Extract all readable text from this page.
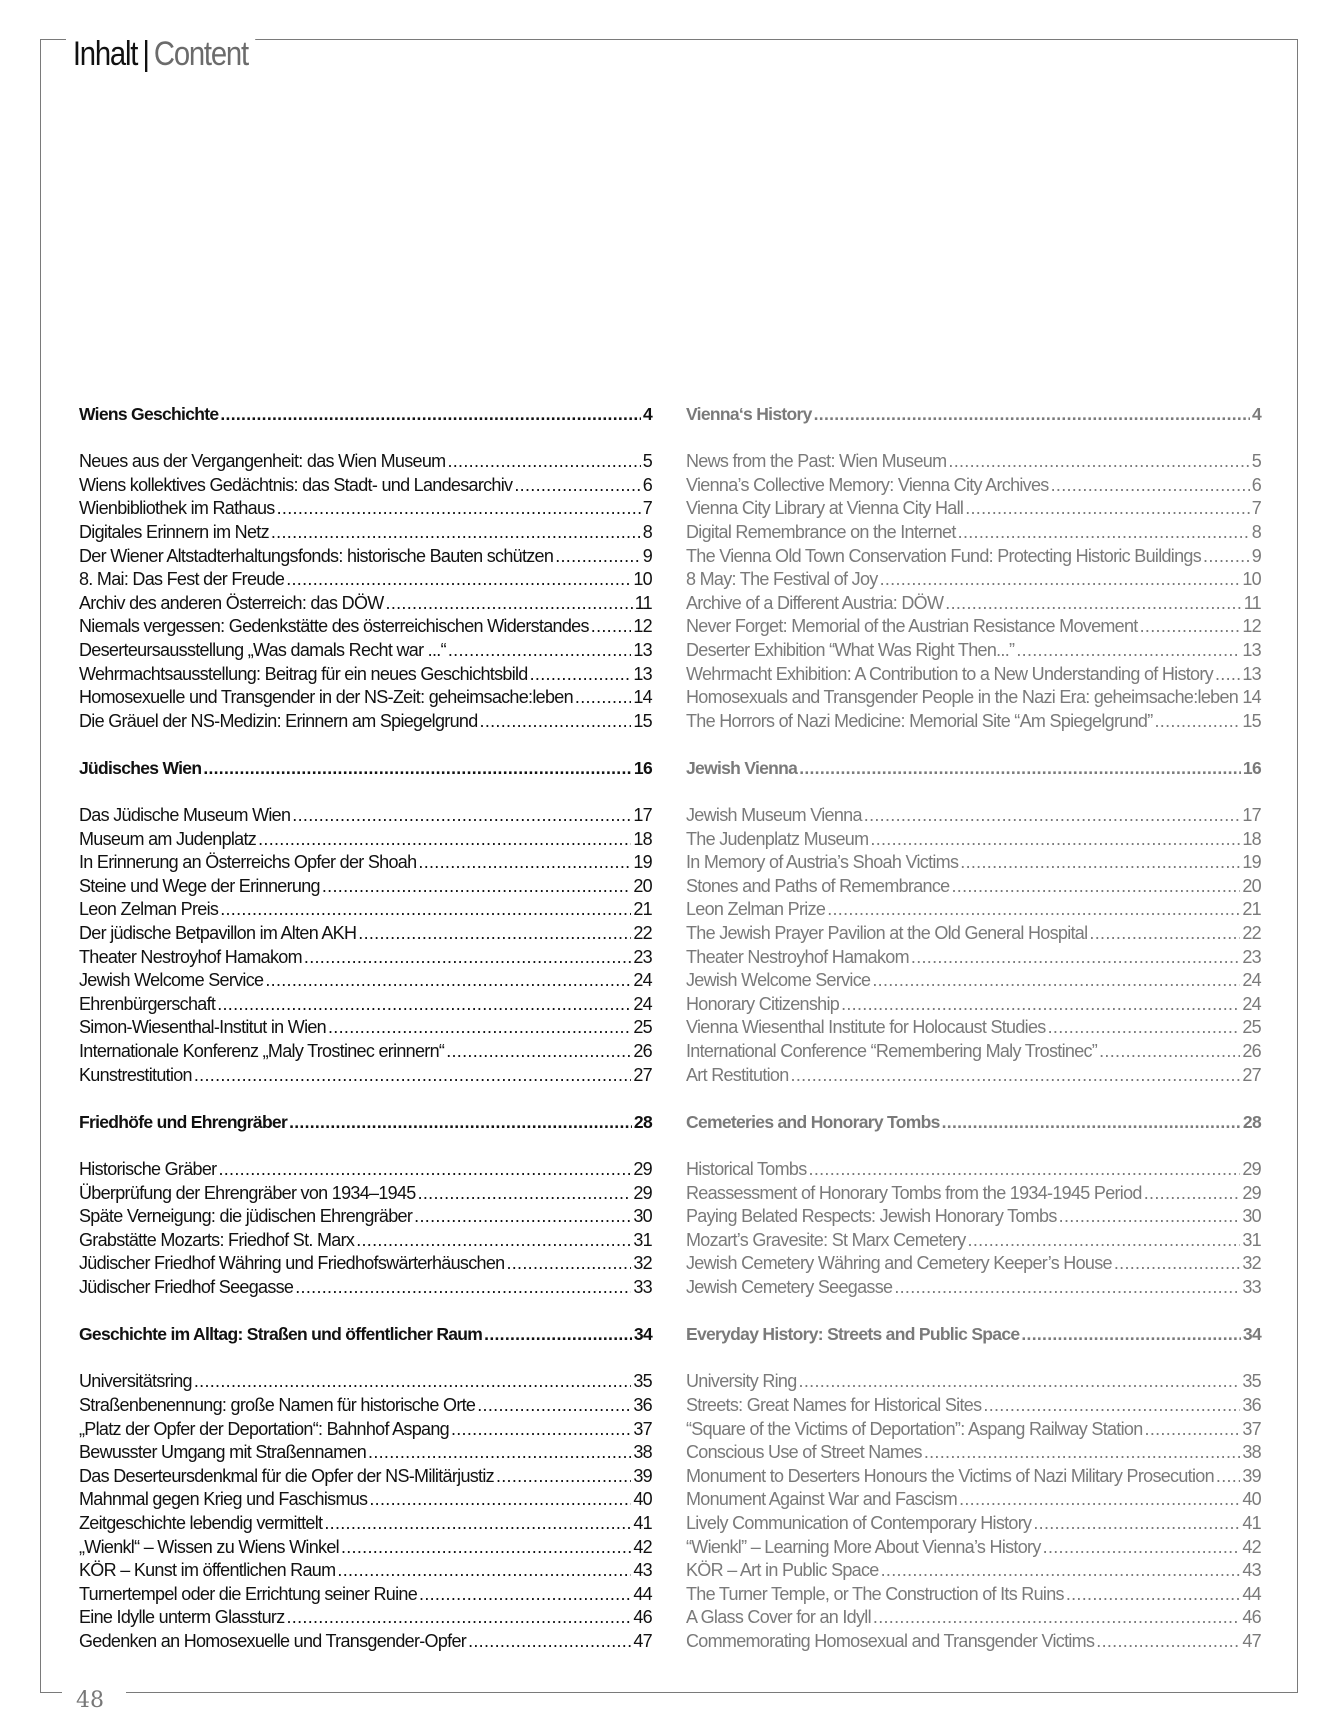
Inhalt | Content
Wiens Geschichte .....	4
Neues aus der Vergangenheit: das Wien Museum .....	5
Wiens kollektives Gedächtnis: das Stadt- und Landesarchiv .....	6
Wienbibliothek im Rathaus .....	7
Digitales Erinnern im Netz .....	8
Der Wiener Altstadterhaltungsfonds: historische Bauten schützen .....	9
8. Mai: Das Fest der Freude .....	10
Archiv des anderen Österreich: das DÖW .....	11
Niemals vergessen: Gedenkstätte des österreichischen Widerstandes ..... 12
Deserteursausstellung „Was damals Recht war ...“ .....	13
Wehrmachtsausstellung: Beitrag für ein neues Geschichtsbild .....	13
Homosexuelle und Transgender in der NS-Zeit: geheimsache:leben .....	14
Die Gräuel der NS-Medizin: Erinnern am Spiegelgrund .....	15
Jüdisches Wien .....	16
Das Jüdische Museum Wien .....	17
Museum am Judenplatz .....	18
In Erinnerung an Österreichs Opfer der Shoah .....	19
Steine und Wege der Erinnerung .....	20
Leon Zelman Preis .....	21
Der jüdische Betpavillon im Alten AKH .....	22
Theater Nestroyhof Hamakom .....	23
Jewish Welcome Service .....	24
Ehrenbürgerschaft .....	24
Simon-Wiesenthal-Institut in Wien .....	25
Internationale Konferenz „Maly Trostinec erinnern“ .....	26
Kunstrestitution .....	27
Friedhöfe und Ehrengräber .....	28
Historische Gräber .....	29
Überprüfung der Ehrengräber von 1934–1945 .....	29
Späte Verneigung: die jüdischen Ehrengräber .....	30
Grabstätte Mozarts: Friedhof St. Marx .....	31
Jüdischer Friedhof Währing und Friedhofswärterhäuschen .....	32
Jüdischer Friedhof Seegasse .....	33
Geschichte im Alltag: Straßen und öffentlicher Raum .....	34
Universitätsring .....	35
Straßenbenennung: große Namen für historische Orte .....	36
„Platz der Opfer der Deportation“: Bahnhof Aspang .....	37
Bewusster Umgang mit Straßennamen .....	38
Das Deserteursdenkmal für die Opfer der NS-Militärjustiz .....	39
Mahnmal gegen Krieg und Faschismus .....	40
Zeitgeschichte lebendig vermittelt .....	41
„Wienkl“ – Wissen zu Wiens Winkel .....	42
KÖR – Kunst im öffentlichen Raum .....	43
Turnertempel oder die Errichtung seiner Ruine .....	44
Eine Idylle unterm Glassturz .....	46
Gedenken an Homosexuelle und Transgender-Opfer .....	47
Vienna‘s History .....	4
News from the Past: Wien Museum .....	5
Vienna’s Collective Memory: Vienna City Archives .....	6
Vienna City Library at Vienna City Hall .....	7
Digital Remembrance on the Internet .....	8
The Vienna Old Town Conservation Fund: Protecting Historic Buildings .....	9
8 May: The Festival of Joy .....	10
Archive of a Different Austria: DÖW .....	11
Never Forget: Memorial of the Austrian Resistance Movement .....	12
Deserter Exhibition “What Was Right Then...” .....	13
Wehrmacht Exhibition: A Contribution to a New Understanding of History ..... 13
Homosexuals and Transgender People in the Nazi Era: geheimsache:leben ..... 14
The Horrors of Nazi Medicine: Memorial Site “Am Spiegelgrund” .....	15
Jewish Vienna .....	16
Jewish Museum Vienna .....	17
The Judenplatz Museum .....	18
In Memory of Austria’s Shoah Victims .....	19
Stones and Paths of Remembrance .....	20
Leon Zelman Prize .....	21
The Jewish Prayer Pavilion at the Old General Hospital .....	22
Theater Nestroyhof Hamakom .....	23
Jewish Welcome Service .....	24
Honorary Citizenship .....	24
Vienna Wiesenthal Institute for Holocaust Studies .....	25
International Conference “Remembering Maly Trostinec” .....	26
Art Restitution .....	27
Cemeteries and Honorary Tombs .....	28
Historical Tombs .....	29
Reassessment of Honorary Tombs from the 1934-1945 Period .....	29
Paying Belated Respects: Jewish Honorary Tombs .....	30
Mozart’s Gravesite: St Marx Cemetery .....	31
Jewish Cemetery Währing and Cemetery Keeper’s House .....	32
Jewish Cemetery Seegasse .....	33
Everyday History: Streets and Public Space .....	34
University Ring .....	35
Streets: Great Names for Historical Sites .....	36
“Square of the Victims of Deportation”: Aspang Railway Station .....	37
Conscious Use of Street Names .....	38
Monument to Deserters Honours the Victims of Nazi Military Prosecution ..... 39
Monument Against War and Fascism .....	40
Lively Communication of Contemporary History .....	41
“Wienkl” – Learning More About Vienna’s History .....	42
KÖR – Art in Public Space .....	43
The Turner Temple, or The Construction of Its Ruins .....	44
A Glass Cover for an Idyll .....	46
Commemorating Homosexual and Transgender Victims .....	47
48
